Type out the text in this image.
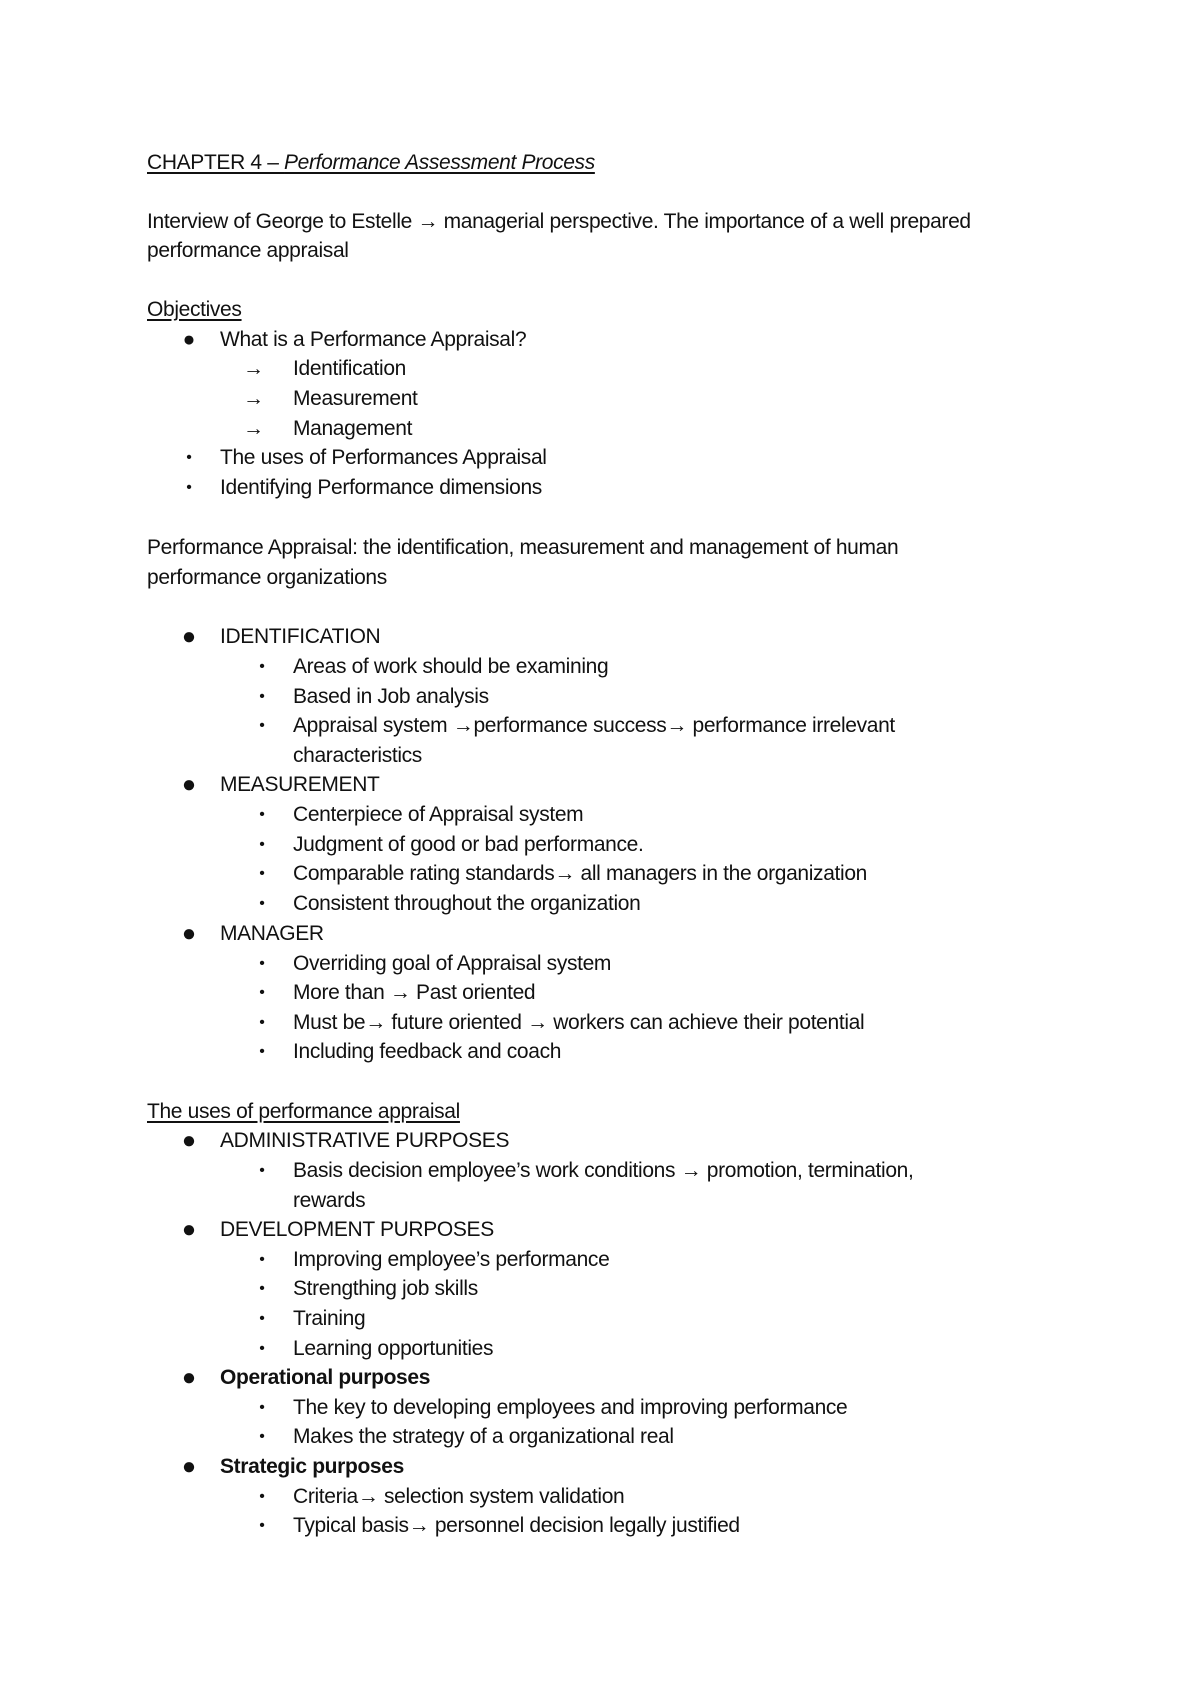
CHAPTER 4 – Performance Assessment Process
Interview of George to Estelle → managerial perspective. The importance of a well prepared
performance appraisal
Objectives
●	What is a Performance Appraisal?
→ Identification
→ Measurement
→ Management
•	The uses of Performances Appraisal
•	Identifying Performance dimensions
Performance Appraisal: the identification, measurement and management of human
performance organizations
●	IDENTIFICATION
•	Areas of work should be examining
•	Based in Job analysis
•	Appraisal system →performance success→ performance irrelevant
characteristics
●	MEASUREMENT
•	Centerpiece of Appraisal system
•	Judgment of good or bad performance.
•	Comparable rating standards→ all managers in the organization
•	Consistent throughout the organization
●	MANAGER
•	Overriding goal of Appraisal system
•	More than → Past oriented
•	Must be→ future oriented → workers can achieve their potential
•	Including feedback and coach
The uses of performance appraisal
●	ADMINISTRATIVE PURPOSES
•	Basis decision employee’s work conditions → promotion, termination,
rewards
●	DEVELOPMENT PURPOSES
•	Improving employee’s performance
•	Strengthing job skills
•	Training
•	Learning opportunities
●	Operational purposes
•	The key to developing employees and improving performance
•	Makes the strategy of a organizational real
●	Strategic purposes
•	Criteria→ selection system validation
•	Typical basis→ personnel decision legally justified
